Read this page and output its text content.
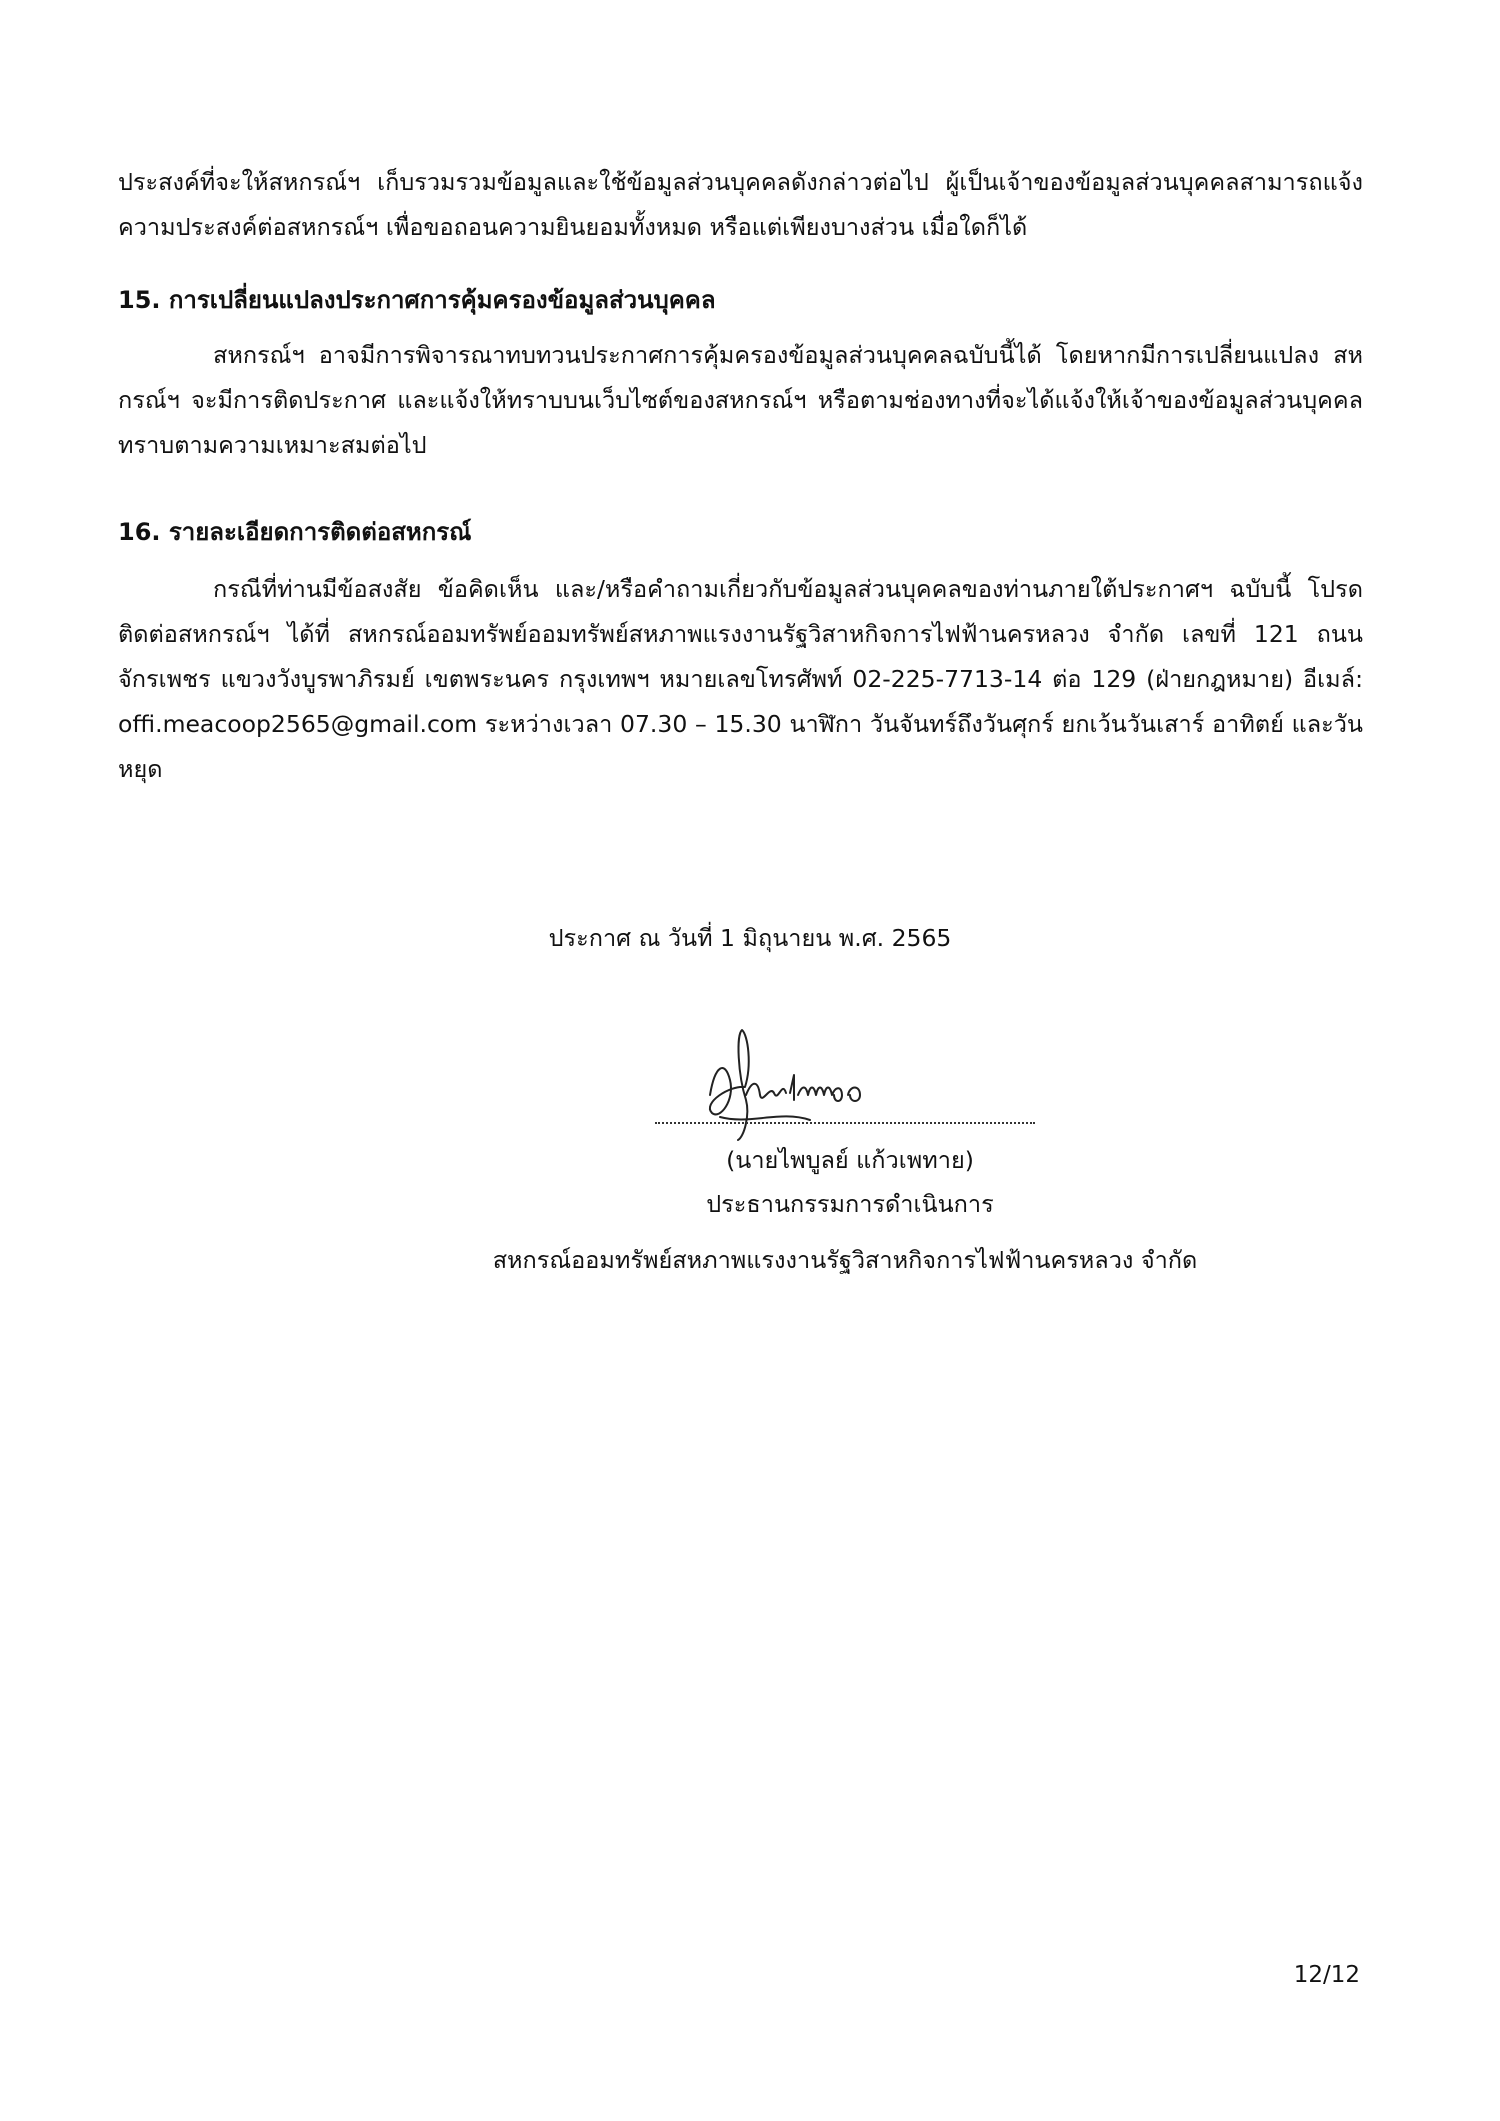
ประสงค์ที่จะให้สหกรณ์ฯ เก็บรวมรวมข้อมูลและใช้ข้อมูลส่วนบุคคลดังกล่าวต่อไป ผู้เป็นเจ้าของข้อมูลส่วนบุคคลสามารถแจ้งความประสงค์ต่อสหกรณ์ฯ เพื่อขอถอนความยินยอมทั้งหมด หรือแต่เพียงบางส่วน เมื่อใดก็ได้

15. การเปลี่ยนแปลงประกาศการคุ้มครองข้อมูลส่วนบุคคล

สหกรณ์ฯ อาจมีการพิจารณาทบทวนประกาศการคุ้มครองข้อมูลส่วนบุคคลฉบับนี้ได้ โดยหากมีการเปลี่ยนแปลง สหกรณ์ฯ จะมีการติดประกาศ และแจ้งให้ทราบบนเว็บไซต์ของสหกรณ์ฯ หรือตามช่องทางที่จะได้แจ้งให้เจ้าของข้อมูลส่วนบุคคลทราบตามความเหมาะสมต่อไป

16. รายละเอียดการติดต่อสหกรณ์

กรณีที่ท่านมีข้อสงสัย ข้อคิดเห็น และ/หรือคำถามเกี่ยวกับข้อมูลส่วนบุคคลของท่านภายใต้ประกาศฯ ฉบับนี้ โปรดติดต่อสหกรณ์ฯ ได้ที่ สหกรณ์ออมทรัพย์ออมทรัพย์สหภาพแรงงานรัฐวิสาหกิจการไฟฟ้านครหลวง จำกัด เลขที่ 121 ถนนจักรเพชร แขวงวังบูรพาภิรมย์ เขตพระนคร กรุงเทพฯ หมายเลขโทรศัพท์ 02-225-7713-14 ต่อ 129 (ฝ่ายกฎหมาย) อีเมล์: offi.meacoop2565@gmail.com ระหว่างเวลา 07.30 – 15.30 นาฬิกา วันจันทร์ถึงวันศุกร์ ยกเว้นวันเสาร์ อาทิตย์ และวันหยุด

ประกาศ ณ วันที่ 1 มิถุนายน พ.ศ. 2565

(นายไพบูลย์ แก้วเพทาย)
ประธานกรรมการดำเนินการ

สหกรณ์ออมทรัพย์สหภาพแรงงานรัฐวิสาหกิจการไฟฟ้านครหลวง จำกัด

12/12
